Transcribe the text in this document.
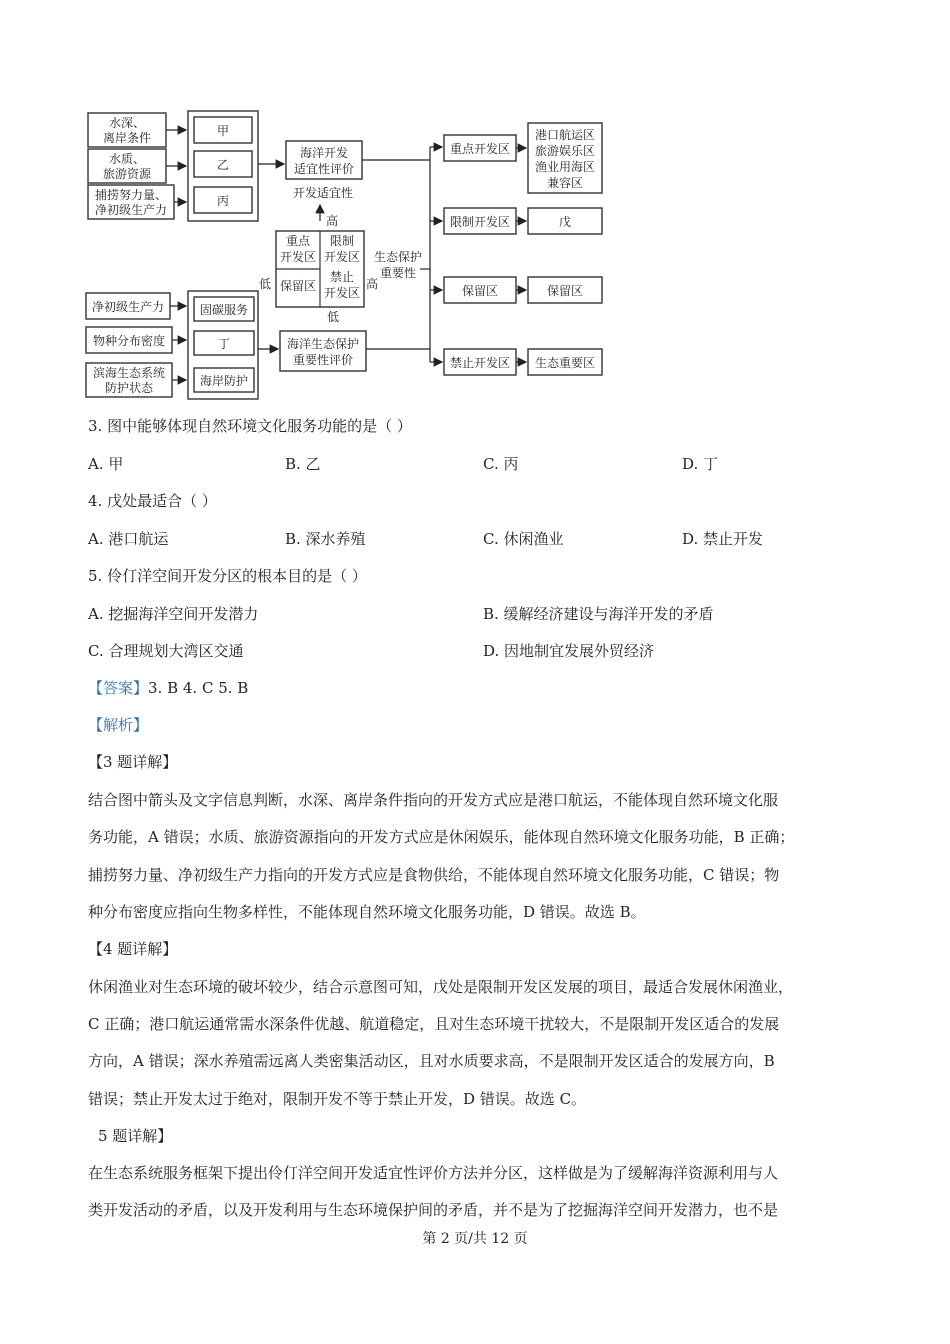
水深、
离岸条件
水质、
旅游资源
捕捞努力量、
净初级生产力
甲
乙
丙
海洋开发
适宜性评价
开发适宜性
高
重点
开发区
限制
开发区
保留区
禁止
开发区
低	高
低
生态保护
重要性
净初级生产力
物种分布密度
滨海生态系统
防护状态
固碳服务
丁
海岸防护
海洋生态保护
重要性评价
重点开发区
限制开发区
保留区
禁止开发区
港口航运区
旅游娱乐区
渔业用海区
兼容区
戊
保留区
生态重要区
3. 图中能够体现自然环境文化服务功能的是（ ）
A. 甲	B. 乙	C. 丙	D. 丁
4. 戊处最适合（ ）
A. 港口航运	B. 深水养殖	C. 休闲渔业	D. 禁止开发
5. 伶仃洋空间开发分区的根本目的是（ ）
A. 挖掘海洋空间开发潜力	B. 缓解经济建设与海洋开发的矛盾
C. 合理规划大湾区交通	D. 因地制宜发展外贸经济
【答案】3. B 4. C 5. B
【解析】
【3 题详解】
结合图中箭头及文字信息判断，水深、离岸条件指向的开发方式应是港口航运，不能体现自然环境文化服
务功能，A 错误；水质、旅游资源指向的开发方式应是休闲娱乐，能体现自然环境文化服务功能，B 正确；
捕捞努力量、净初级生产力指向的开发方式应是食物供给，不能体现自然环境文化服务功能，C 错误；物
种分布密度应指向生物多样性，不能体现自然环境文化服务功能，D 错误。故选 B。
【4 题详解】
休闲渔业对生态环境的破坏较少，结合示意图可知，戊处是限制开发区发展的项目，最适合发展休闲渔业，
C 正确；港口航运通常需水深条件优越、航道稳定，且对生态环境干扰较大，不是限制开发区适合的发展
方向，A 错误；深水养殖需远离人类密集活动区，且对水质要求高，不是限制开发区适合的发展方向，B
错误；禁止开发太过于绝对，限制开发不等于禁止开发，D 错误。故选 C。
5 题详解】
在生态系统服务框架下提出伶仃洋空间开发适宜性评价方法并分区，这样做是为了缓解海洋资源利用与人
类开发活动的矛盾，以及开发利用与生态环境保护间的矛盾，并不是为了挖掘海洋空间开发潜力，也不是
第 2 页/共 12 页
